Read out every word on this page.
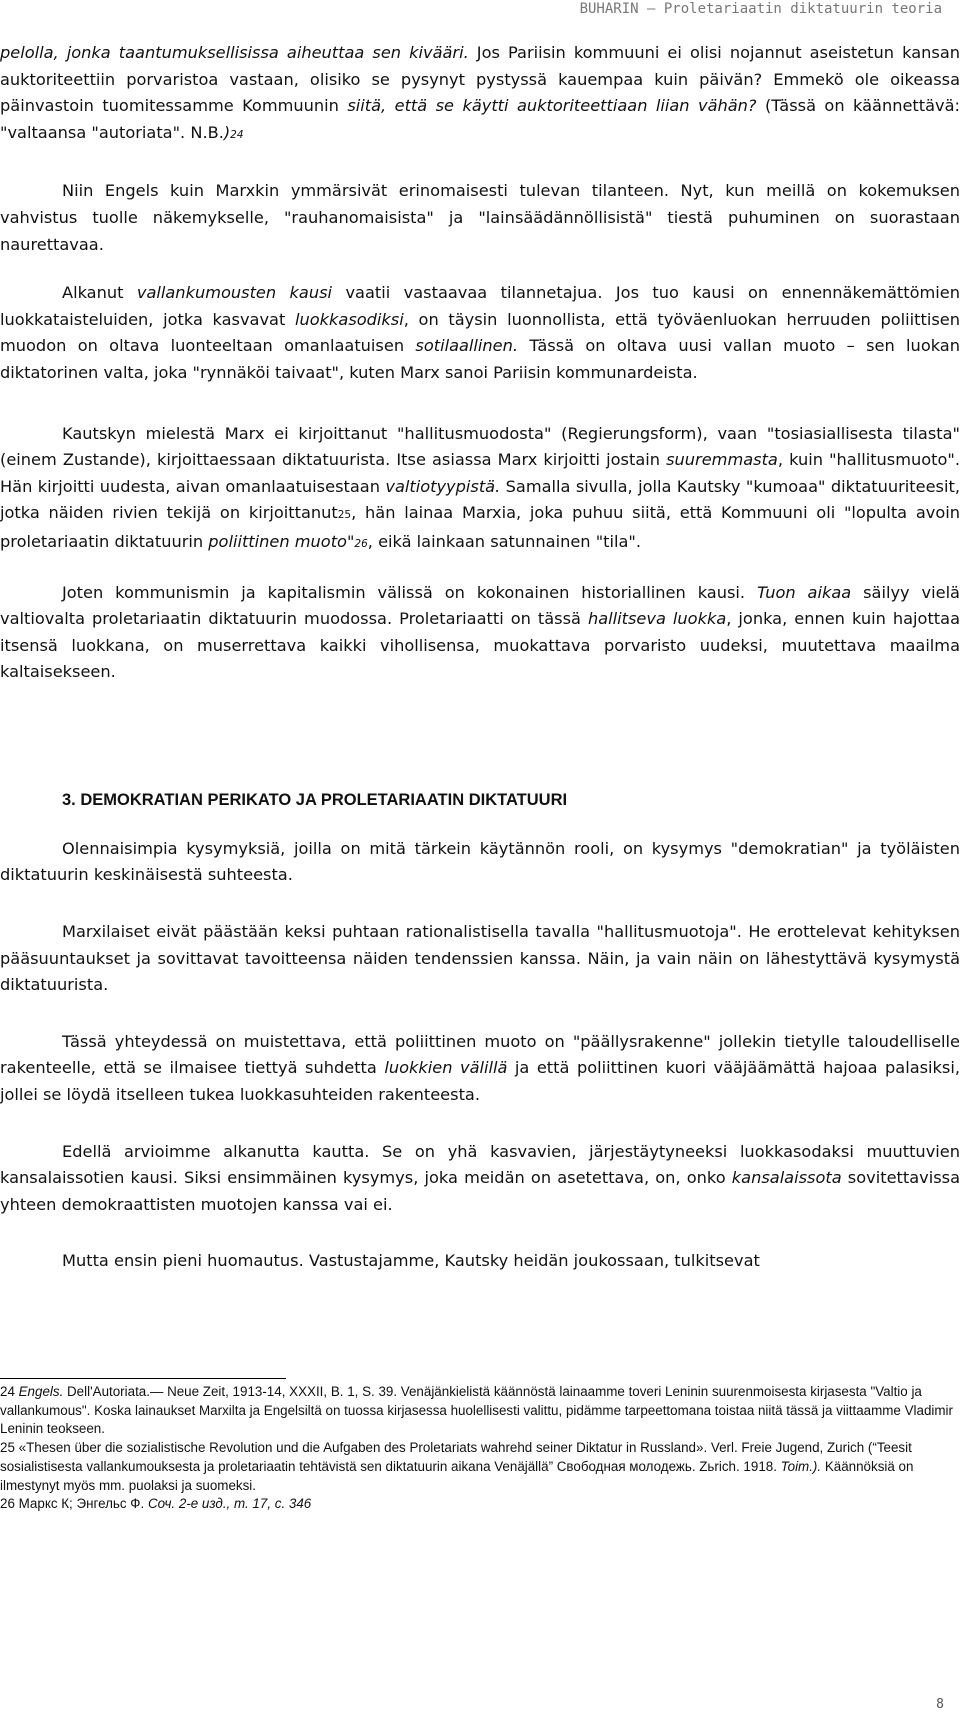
BUHARIN – Proletariaatin diktatuurin teoria

pelolla, jonka taantumuksellisissa aiheuttaa sen kivääri. Jos Pariisin kommuuni ei olisi nojannut aseistetun kansan auktoriteettiin porvaristoa vastaan, olisiko se pysynyt pystyssä kauempaa kuin päivän? Emmekö ole oikeassa päinvastoin tuomitessamme Kommuunin siitä, että se käytti auktoriteettiaan liian vähän? (Tässä on käännettävä: "valtaansa "autoriata". N.B.)24

Niin Engels kuin Marxkin ymmärsivät erinomaisesti tulevan tilanteen. Nyt, kun meillä on kokemuksen vahvistus tuolle näkemykselle, "rauhanomaisista" ja "lainsäädännöllisistä" tiestä puhuminen on suorastaan naurettavaa.

Alkanut vallankumousten kausi vaatii vastaavaa tilannetajua. Jos tuo kausi on ennennäkemättömien luokkataisteluiden, jotka kasvavat luokkasodiksi, on täysin luonnollista, että työväenluokan herruuden poliittisen muodon on oltava luonteeltaan omanlaatuisen sotilaallinen. Tässä on oltava uusi vallan muoto – sen luokan diktatorinen valta, joka "rynnäköi taivaat", kuten Marx sanoi Pariisin kommunardeista.

Kautskyn mielestä Marx ei kirjoittanut "hallitusmuodosta" (Regierungsform), vaan "tosiasiallisesta tilasta" (einem Zustande), kirjoittaessaan diktatuurista. Itse asiassa Marx kirjoitti jostain suuremmasta, kuin "hallitusmuoto". Hän kirjoitti uudesta, aivan omanlaatuisestaan valtiotyypistä. Samalla sivulla, jolla Kautsky "kumoaa" diktatuuriteesit, jotka näiden rivien tekijä on kirjoittanut25, hän lainaa Marxia, joka puhuu siitä, että Kommuuni oli "lopulta avoin proletariaatin diktatuurin poliittinen muoto"26, eikä lainkaan satunnainen "tila".

Joten kommunismin ja kapitalismin välissä on kokonainen historiallinen kausi. Tuon aikaa säilyy vielä valtiovalta proletariaatin diktatuurin muodossa. Proletariaatti on tässä hallitseva luokka, jonka, ennen kuin hajottaa itsensä luokkana, on muserrettava kaikki vihollisensa, muokattava porvaristo uudeksi, muutettava maailma kaltaisekseen.

3. DEMOKRATIAN PERIKATO JA PROLETARIAATIN DIKTATUURI

Olennaisimpia kysymyksiä, joilla on mitä tärkein käytännön rooli, on kysymys "demokratian" ja työläisten diktatuurin keskinäisestä suhteesta.

Marxilaiset eivät päästään keksi puhtaan rationalistisella tavalla "hallitusmuotoja". He erottelevat kehityksen pääsuuntaukset ja sovittavat tavoitteensa näiden tendenssien kanssa. Näin, ja vain näin on lähestyttävä kysymystä diktatuurista.

Tässä yhteydessä on muistettava, että poliittinen muoto on "päällysrakenne" jollekin tietylle taloudelliselle rakenteelle, että se ilmaisee tiettyä suhdetta luokkien välillä ja että poliittinen kuori vääjäämättä hajoaa palasiksi, jollei se löydä itselleen tukea luokkasuhteiden rakenteesta.

Edellä arvioimme alkanutta kautta. Se on yhä kasvavien, järjestäytyneeksi luokkasodaksi muuttuvien kansalaissotien kausi. Siksi ensimmäinen kysymys, joka meidän on asetettava, on, onko kansalaissota sovitettavissa yhteen demokraattisten muotojen kanssa vai ei.

Mutta ensin pieni huomautus. Vastustajamme, Kautsky heidän joukossaan, tulkitsevat

24 Engels. Dell'Autoriata.— Neue Zeit, 1913-14, XXXII, B. 1, S. 39. Venäjänkielistä käännöstä lainaamme toveri Leninin suurenmoisesta kirjasesta "Valtio ja vallankumous". Koska lainaukset Marxilta ja Engelsiltä on tuossa kirjasessa huolellisesti valittu, pidämme tarpeettomana toistaa niitä tässä ja viittaamme Vladimir Leninin teokseen.
25 «Thesen über die sozialistische Revolution und die Aufgaben des Proletariats wahrehd seiner Diktatur in Russland». Verl. Freie Jugend, Zurich (“Teesit sosialistisesta vallankumouksesta ja proletariaatin tehtävistä sen diktatuurin aikana Venäjällä” Свободная молодежь. Zьrich. 1918. Toim.). Käännöksiä on ilmestynyt myös mm. puolaksi ja suomeksi.
26 Маркс К; Энгельс Ф. Соч. 2-е изд., т. 17, с. 346
8
